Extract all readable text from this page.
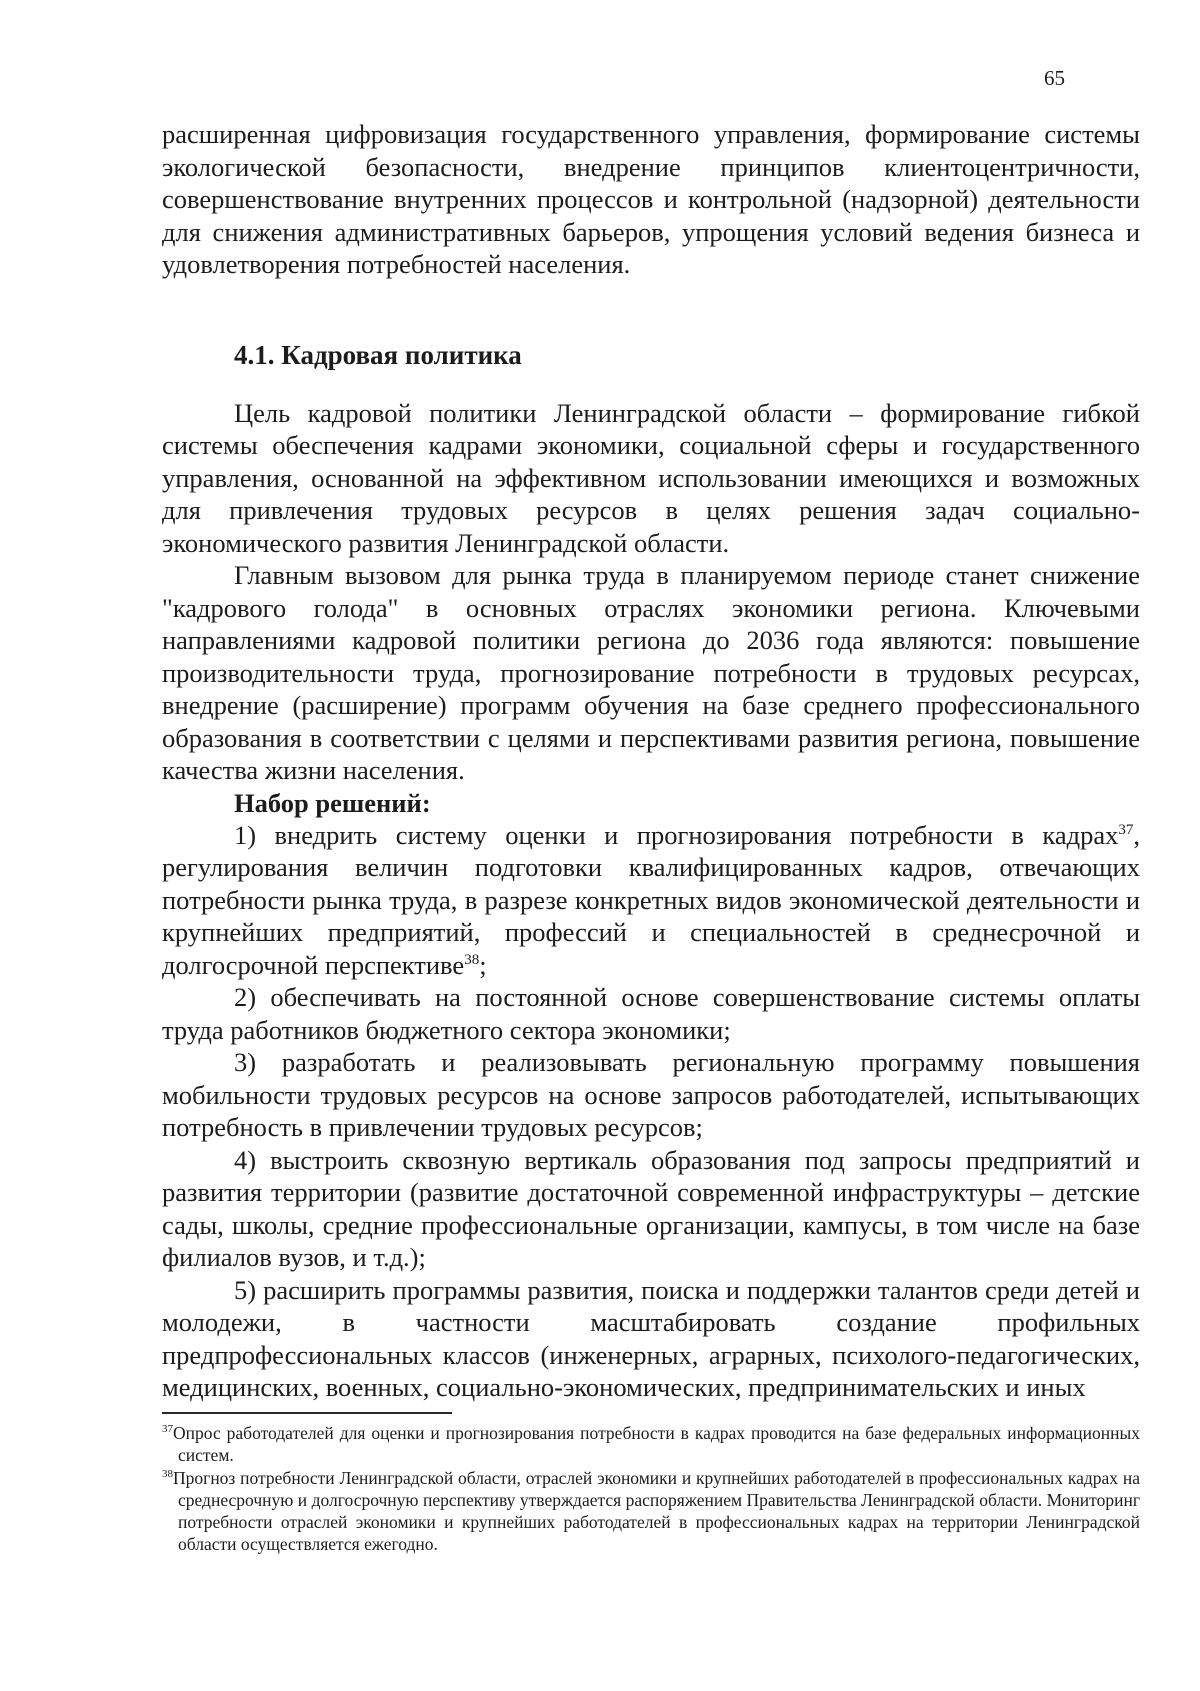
65

расширенная цифровизация государственного управления, формирование системы экологической безопасности, внедрение принципов клиентоцентричности, совершенствование внутренних процессов и контрольной (надзорной) деятельности для снижения административных барьеров, упрощения условий ведения бизнеса и удовлетворения потребностей населения.

4.1. Кадровая политика

Цель кадровой политики Ленинградской области – формирование гибкой системы обеспечения кадрами экономики, социальной сферы и государственного управления, основанной на эффективном использовании имеющихся и возможных для привлечения трудовых ресурсов в целях решения задач социально-экономического развития Ленинградской области.

Главным вызовом для рынка труда в планируемом периоде станет снижение "кадрового голода" в основных отраслях экономики региона. Ключевыми направлениями кадровой политики региона до 2036 года являются: повышение производительности труда, прогнозирование потребности в трудовых ресурсах, внедрение (расширение) программ обучения на базе среднего профессионального образования в соответствии с целями и перспективами развития региона, повышение качества жизни населения.

Набор решений:

1) внедрить систему оценки и прогнозирования потребности в кадрах$^{37}$, регулирования величин подготовки квалифицированных кадров, отвечающих потребности рынка труда, в разрезе конкретных видов экономической деятельности и крупнейших предприятий, профессий и специальностей в среднесрочной и долгосрочной перспективе$^{38}$;

2) обеспечивать на постоянной основе совершенствование системы оплаты труда работников бюджетного сектора экономики;

3) разработать и реализовывать региональную программу повышения мобильности трудовых ресурсов на основе запросов работодателей, испытывающих потребность в привлечении трудовых ресурсов;

4) выстроить сквозную вертикаль образования под запросы предприятий и развития территории (развитие достаточной современной инфраструктуры – детские сады, школы, средние профессиональные организации, кампусы, в том числе на базе филиалов вузов, и т.д.);

5) расширить программы развития, поиска и поддержки талантов среди детей и молодежи, в частности масштабировать создание профильных предпрофессиональных классов (инженерных, аграрных, психолого-педагогических, медицинских, военных, социально-экономических, предпринимательских и иных

$^{37}$Опрос работодателей для оценки и прогнозирования потребности в кадрах проводится на базе федеральных информационных систем.

$^{38}$Прогноз потребности Ленинградской области, отраслей экономики и крупнейших работодателей в профессиональных кадрах на среднесрочную и долгосрочную перспективу утверждается распоряжением Правительства Ленинградской области. Мониторинг потребности отраслей экономики и крупнейших работодателей в профессиональных кадрах на территории Ленинградской области осуществляется ежегодно.
